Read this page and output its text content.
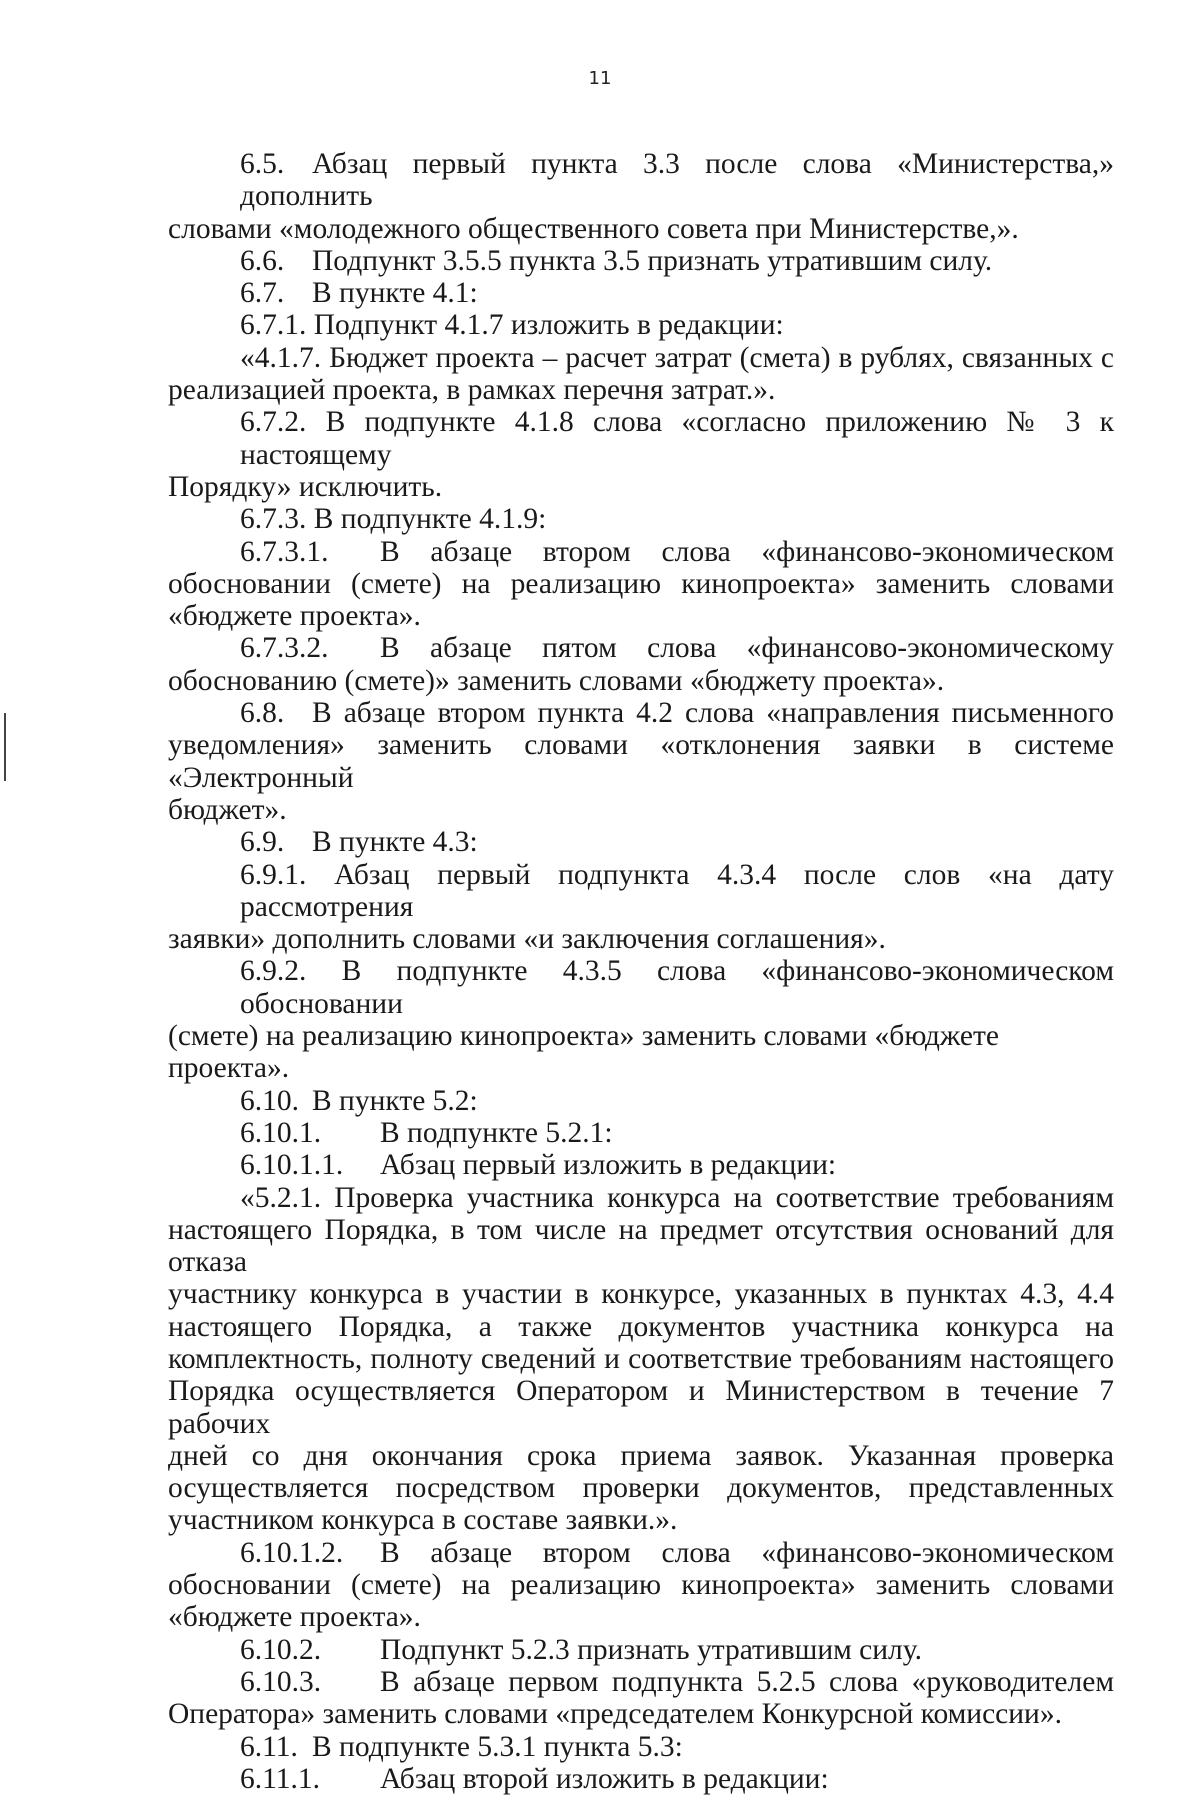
11
6.5. Абзац первый пункта 3.3 после слова «Министерства,» дополнить
словами «молодежного общественного совета при Министерстве,».
6.6. Подпункт 3.5.5 пункта 3.5 признать утратившим силу.
6.7. В пункте 4.1:
6.7.1. Подпункт 4.1.7 изложить в редакции:
«4.1.7. Бюджет проекта – расчет затрат (смета) в рублях, связанных с
реализацией проекта, в рамках перечня затрат.».
6.7.2. В подпункте 4.1.8 слова «согласно приложению № 3 к настоящему
Порядку» исключить.
6.7.3. В подпункте 4.1.9:
6.7.3.1. В абзаце втором слова «финансово-экономическом
обосновании (смете) на реализацию кинопроекта» заменить словами
«бюджете проекта».
6.7.3.2. В абзаце пятом слова «финансово-экономическому
обоснованию (смете)» заменить словами «бюджету проекта».
6.8. В абзаце втором пункта 4.2 слова «направления письменного
уведомления» заменить словами «отклонения заявки в системе «Электронный
бюджет».
6.9. В пункте 4.3:
6.9.1. Абзац первый подпункта 4.3.4 после слов «на дату рассмотрения
заявки» дополнить словами «и заключения соглашения».
6.9.2. В подпункте 4.3.5 слова «финансово-экономическом обосновании
(смете) на реализацию кинопроекта» заменить словами «бюджете проекта».
6.10. В пункте 5.2:
6.10.1. В подпункте 5.2.1:
6.10.1.1. Абзац первый изложить в редакции:
«5.2.1. Проверка участника конкурса на соответствие требованиям
настоящего Порядка, в том числе на предмет отсутствия оснований для отказа
участнику конкурса в участии в конкурсе, указанных в пунктах 4.3, 4.4
настоящего Порядка, а также документов участника конкурса на
комплектность, полноту сведений и соответствие требованиям настоящего
Порядка осуществляется Оператором и Министерством в течение 7 рабочих
дней со дня окончания срока приема заявок. Указанная проверка
осуществляется посредством проверки документов, представленных
участником конкурса в составе заявки.».
6.10.1.2. В абзаце втором слова «финансово-экономическом
обосновании (смете) на реализацию кинопроекта» заменить словами
«бюджете проекта».
6.10.2. Подпункт 5.2.3 признать утратившим силу.
6.10.3. В абзаце первом подпункта 5.2.5 слова «руководителем
Оператора» заменить словами «председателем Конкурсной комиссии».
6.11. В подпункте 5.3.1 пункта 5.3:
6.11.1. Абзац второй изложить в редакции:
